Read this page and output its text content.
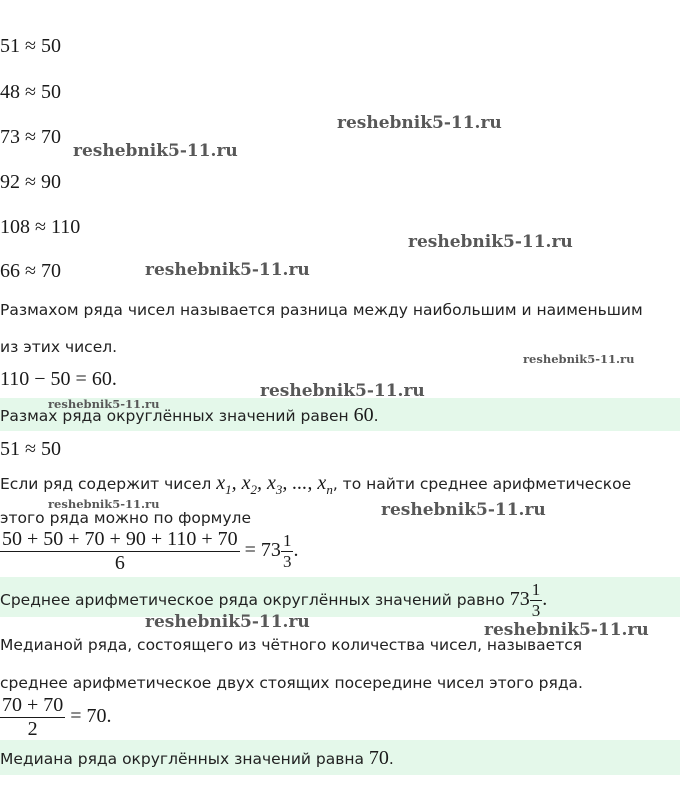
51 ≈ 50
48 ≈ 50
73 ≈ 70
92 ≈ 90
108 ≈ 110
66 ≈ 70
Размахом ряда чисел называется разница между наибольшим и наименьшим
из этих чисел.
110 − 50 = 60.
Размах ряда округлённых значений равен 60.
51 ≈ 50
Если ряд содержит чисел $x_1$, $x_2$, $x_3$, ..., $x_n$, то найти среднее арифметическое
этого ряда можно по формуле
$\frac{50 + 50 + 70 + 90 + 110 + 70}{6} = 73 \frac{1}{3}$ .
Среднее арифметическое ряда округлённых значений равно $73 \frac{1}{3}$ .
Медианой ряда, состоящего из чётного количества чисел, называется
среднее арифметическое двух стоящих посередине чисел этого ряда.
$\frac{70 + 70}{2} = 70$.
Медиана ряда округлённых значений равна 70.
reshebnik5-11.ru
reshebnik5-11.ru
reshebnik5-11.ru
reshebnik5-11.ru
reshebnik5-11.ru
reshebnik5-11.ru
reshebnik5-11.ru
reshebnik5-11.ru	reshebnik5-11.ru
reshebnik5-11.ru	reshebnik5-11.ru
